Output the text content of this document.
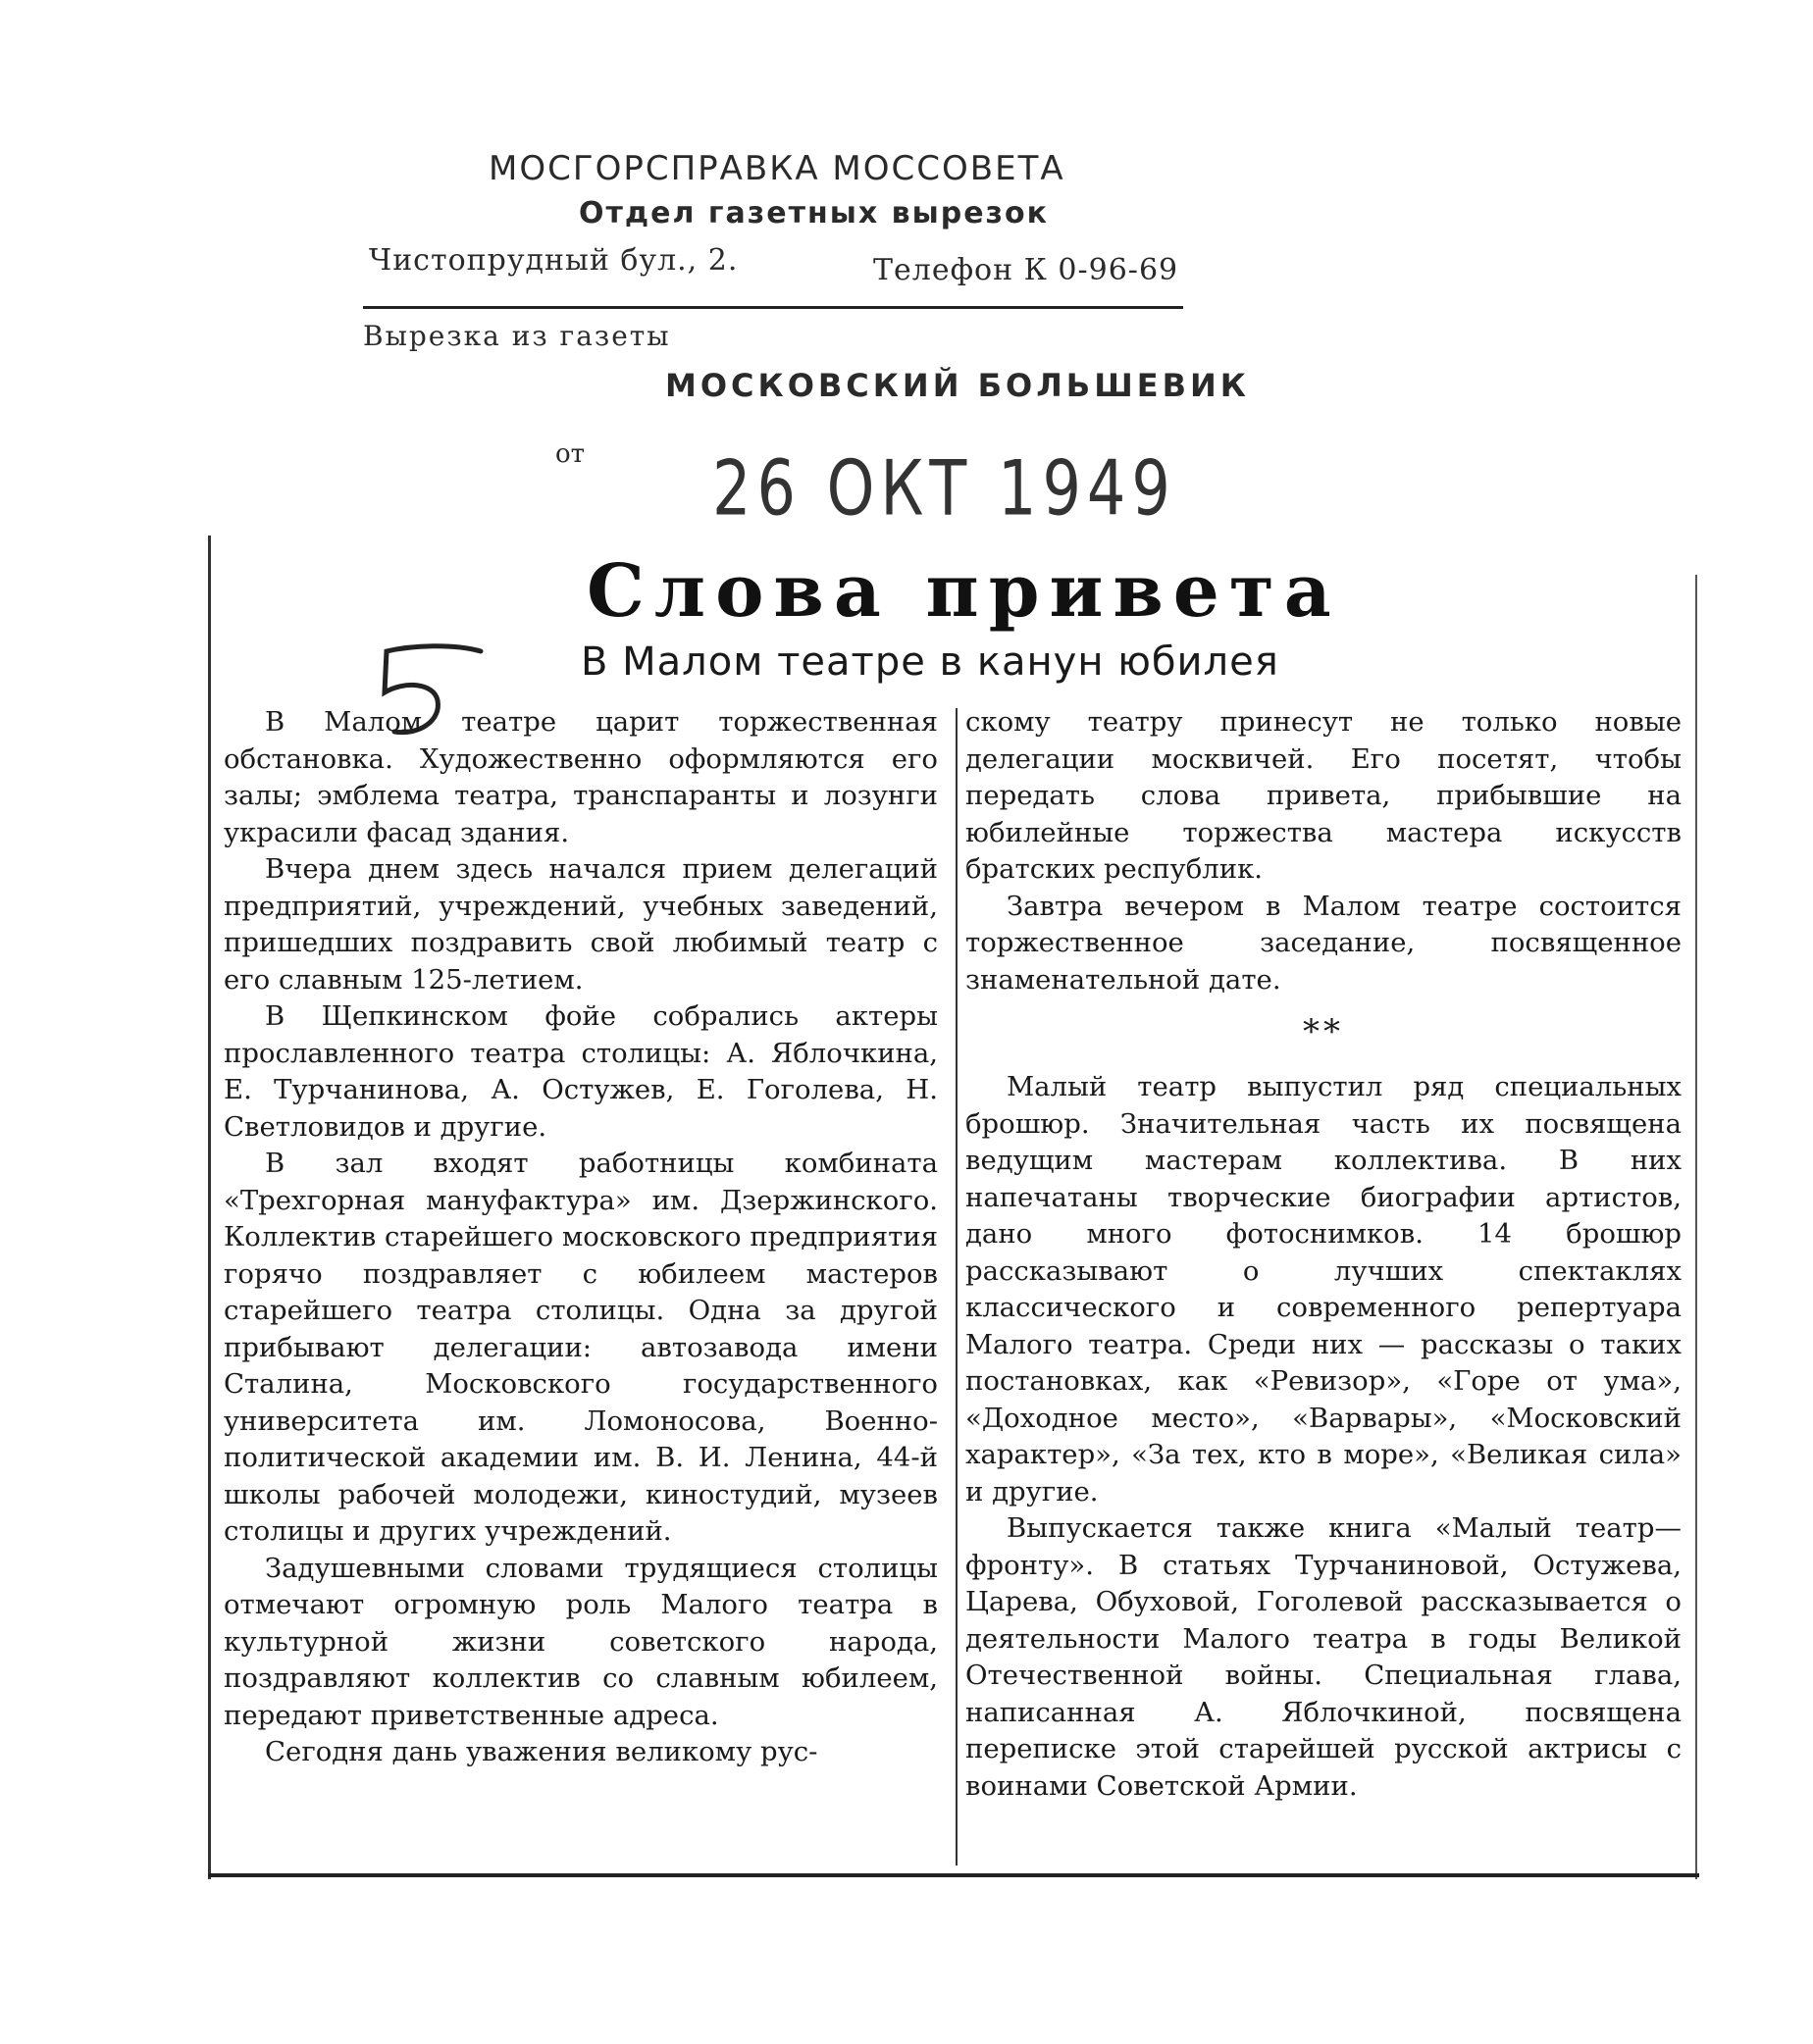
МОСГОРСПРАВКА МОССОВЕТА
Отдел газетных вырезок
Чистопрудный бул., 2.	Телефон К 0-96-69
Вырезка из газеты
МОСКОВСКИЙ БОЛЬШЕВИК
от 26 ОКТ 1949
Слова привета
В Малом театре в канун юбилея

В Малом театре царит торжественная обстановка. Художественно оформляются его залы; эмблема театра, транспаранты и лозунги украсили фасад здания.

Вчера днем здесь начался прием делегаций предприятий, учреждений, учебных заведений, пришедших поздравить свой любимый театр с его славным 125-летием.

В Щепкинском фойе собрались актеры прославленного театра столицы: А. Яблочкина, Е. Турчанинова, А. Остужев, Е. Гоголева, Н. Светловидов и другие.

В зал входят работницы комбината «Трехгорная мануфактура» им. Дзержинского. Коллектив старейшего московского предприятия горячо поздравляет с юбилеем мастеров старейшего театра столицы. Одна за другой прибывают делегации: автозавода имени Сталина, Московского государственного университета им. Ломоносова, Военно-политической академии им. В. И. Ленина, 44-й школы рабочей молодежи, киностудий, музеев столицы и других учреждений.

Задушевными словами трудящиеся столицы отмечают огромную роль Малого театра в культурной жизни советского народа, поздравляют коллектив со славным юбилеем, передают приветственные адреса.

Сегодня дань уважения великому рус-

скому театру принесут не только новые делегации москвичей. Его посетят, чтобы передать слова привета, прибывшие на юбилейные торжества мастера искусств братских республик.

Завтра вечером в Малом театре состоится торжественное заседание, посвященное знаменательной дате.

**

Малый театр выпустил ряд специальных брошюр. Значительная часть их посвящена ведущим мастерам коллектива. В них напечатаны творческие биографии артистов, дано много фотоснимков. 14 брошюр рассказывают о лучших спектаклях классического и современного репертуара Малого театра. Среди них — рассказы о таких постановках, как «Ревизор», «Горе от ума», «Доходное место», «Варвары», «Московский характер», «За тех, кто в море», «Великая сила» и другие.

Выпускается также книга «Малый театр—фронту». В статьях Турчаниновой, Остужева, Царева, Обуховой, Гоголевой рассказывается о деятельности Малого театра в годы Великой Отечественной войны. Специальная глава, написанная А. Яблочкиной, посвящена переписке этой старейшей русской актрисы с воинами Советской Армии.
